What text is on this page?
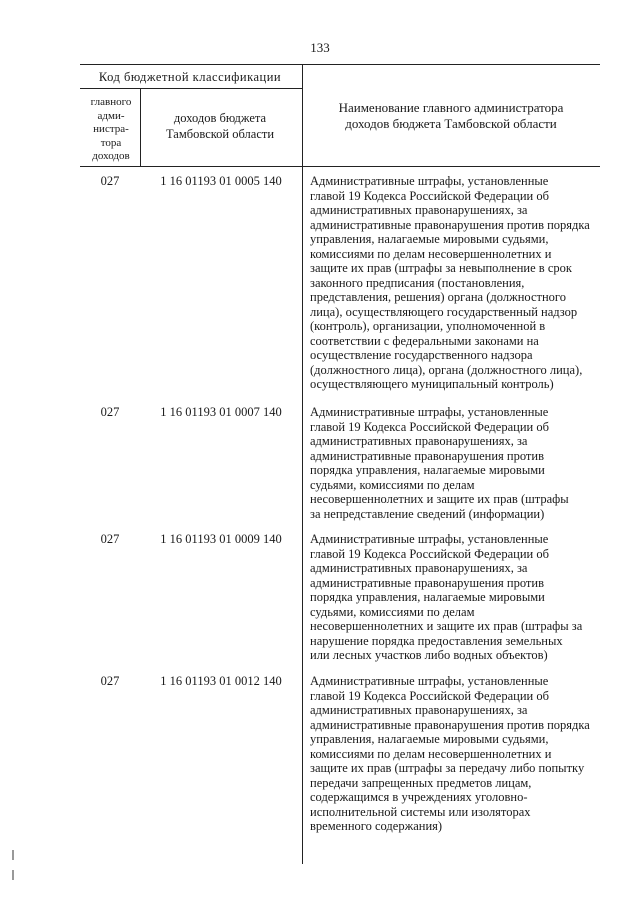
133
Код бюджетной классификации
главного
адми-
нистра-
тора
доходов
доходов бюджета
Тамбовской области
Наименование главного администратора
доходов бюджета Тамбовской области
027	1 16 01193 01 0005 140	Административные штрафы, установленные
главой 19 Кодекса Российской Федерации об
административных правонарушениях, за
административные правонарушения против порядка
управления, налагаемые мировыми судьями,
комиссиями по делам несовершеннолетних и
защите их прав (штрафы за невыполнение в срок
законного предписания (постановления,
представления, решения) органа (должностного
лица), осуществляющего государственный надзор
(контроль), организации, уполномоченной в
соответствии с федеральными законами на
осуществление государственного надзора
(должностного лица), органа (должностного лица),
осуществляющего муниципальный контроль)
027	1 16 01193 01 0007 140	Административные штрафы, установленные
главой 19 Кодекса Российской Федерации об
административных правонарушениях, за
административные правонарушения против
порядка управления, налагаемые мировыми
судьями, комиссиями по делам
несовершеннолетних и защите их прав (штрафы
за непредставление сведений (информации)
027	1 16 01193 01 0009 140	Административные штрафы, установленные
главой 19 Кодекса Российской Федерации об
административных правонарушениях, за
административные правонарушения против
порядка управления, налагаемые мировыми
судьями, комиссиями по делам
несовершеннолетних и защите их прав (штрафы за
нарушение порядка предоставления земельных
или лесных участков либо водных объектов)
027	1 16 01193 01 0012 140	Административные штрафы, установленные
главой 19 Кодекса Российской Федерации об
административных правонарушениях, за
административные правонарушения против порядка
управления, налагаемые мировыми судьями,
комиссиями по делам несовершеннолетних и
защите их прав (штрафы за передачу либо попытку
передачи запрещенных предметов лицам,
содержащимся в учреждениях уголовно-
исполнительной системы или изоляторах
временного содержания)
